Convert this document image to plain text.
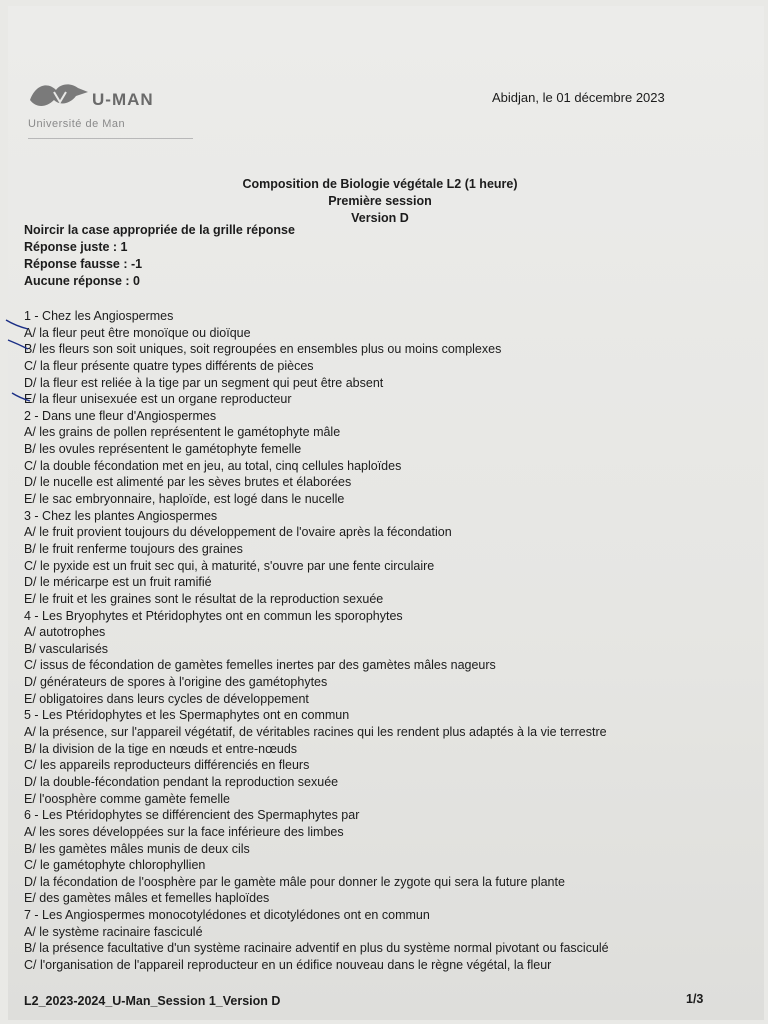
U-MAN
Université de Man
Abidjan, le 01 décembre 2023
Composition de Biologie végétale L2 (1 heure)
Première session
Version D
Noircir la case appropriée de la grille réponse
Réponse juste : 1
Réponse fausse : -1
Aucune réponse : 0
1 - Chez les Angiospermes
A/ la fleur peut être monoïque ou dioïque
B/ les fleurs son soit uniques, soit regroupées en ensembles plus ou moins complexes
C/ la fleur présente quatre types différents de pièces
D/ la fleur est reliée à la tige par un segment qui peut être absent
E/ la fleur unisexuée est un organe reproducteur
2 - Dans une fleur d'Angiospermes
A/ les grains de pollen représentent le gamétophyte mâle
B/ les ovules représentent le gamétophyte femelle
C/ la double fécondation met en jeu, au total, cinq cellules haploïdes
D/ le nucelle est alimenté par les sèves brutes et élaborées
E/ le sac embryonnaire, haploïde, est logé dans le nucelle
3 - Chez les plantes Angiospermes
A/ le fruit provient toujours du développement de l'ovaire après la fécondation
B/ le fruit renferme toujours des graines
C/ le pyxide est un fruit sec qui, à maturité, s'ouvre par une fente circulaire
D/ le méricarpe est un fruit ramifié
E/ le fruit et les graines sont le résultat de la reproduction sexuée
4 - Les Bryophytes et Ptéridophytes ont en commun les sporophytes
A/ autotrophes
B/ vascularisés
C/ issus de fécondation de gamètes femelles inertes par des gamètes mâles nageurs
D/ générateurs de spores à l'origine des gamétophytes
E/ obligatoires dans leurs cycles de développement
5 - Les Ptéridophytes et les Spermaphytes ont en commun
A/ la présence, sur l'appareil végétatif, de véritables racines qui les rendent plus adaptés à la vie terrestre
B/ la division de la tige en nœuds et entre-nœuds
C/ les appareils reproducteurs différenciés en fleurs
D/ la double-fécondation pendant la reproduction sexuée
E/ l'oosphère comme gamète femelle
6 - Les Ptéridophytes se différencient des Spermaphytes par
A/ les sores développées sur la face inférieure des limbes
B/ les gamètes mâles munis de deux cils
C/ le gamétophyte chlorophyllien
D/ la fécondation de l'oosphère par le gamète mâle pour donner le zygote qui sera la future plante
E/ des gamètes mâles et femelles haploïdes
7 - Les Angiospermes monocotylédones et dicotylédones ont en commun
A/ le système racinaire fasciculé
B/ la présence facultative d'un système racinaire adventif en plus du système normal pivotant ou fasciculé
C/ l'organisation de l'appareil reproducteur en un édifice nouveau dans le règne végétal, la fleur
L2_2023-2024_U-Man_Session 1_Version D	1/3
